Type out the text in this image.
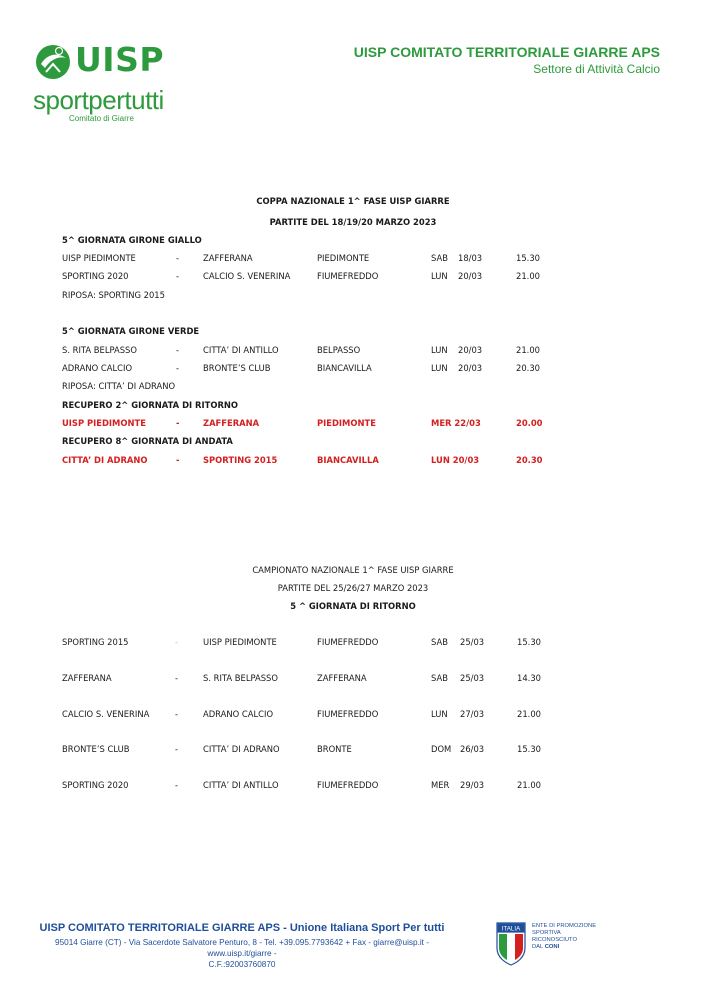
UISP
sportpertutti
Comitato di Giarre
UISP COMITATO TERRITORIALE GIARRE APS
Settore di Attività Calcio
COPPA NAZIONALE 1^ FASE UISP GIARRE
PARTITE DEL 18/19/20 MARZO 2023
5^ GIORNATA GIRONE GIALLO
UISP PIEDIMONTE	-	ZAFFERANA	PIEDIMONTE	SAB 18/03	15.30
SPORTING 2020	-	CALCIO S. VENERINA	FIUMEFREDDO	LUN 20/03	21.00
RIPOSA: SPORTING 2015
5^ GIORNATA GIRONE VERDE
S. RITA BELPASSO	-	CITTA’ DI ANTILLO	BELPASSO	LUN 20/03	21.00
ADRANO CALCIO	-	BRONTE’S CLUB	BIANCAVILLA	LUN 20/03	20.30
RIPOSA: CITTA’ DI ADRANO
RECUPERO 2^ GIORNATA DI RITORNO
UISP PIEDIMONTE	-	ZAFFERANA	PIEDIMONTE	MER 22/03	20.00
RECUPERO 8^ GIORNATA DI ANDATA
CITTA’ DI ADRANO	-	SPORTING 2015	BIANCAVILLA	LUN 20/03	20.30
CAMPIONATO NAZIONALE 1^ FASE UISP GIARRE
PARTITE DEL 25/26/27 MARZO 2023
5 ^ GIORNATA DI RITORNO
SPORTING 2015	-	UISP PIEDIMONTE	FIUMEFREDDO	SAB 25/03	15.30
ZAFFERANA	-	S. RITA BELPASSO	ZAFFERANA	SAB 25/03	14.30
CALCIO S. VENERINA	-	ADRANO CALCIO	FIUMEFREDDO	LUN 27/03	21.00
BRONTE’S CLUB	-	CITTA’ DI ADRANO	BRONTE	DOM 26/03	15.30
SPORTING 2020	-	CITTA’ DI ANTILLO	FIUMEFREDDO	MER 29/03	21.00
UISP COMITATO TERRITORIALE GIARRE APS - Unione Italiana Sport Per tutti
95014 Giarre (CT) - Via Sacerdote Salvatore Penturo, 8 - Tel. +39.095.7793642 + Fax - giarre@uisp.it - www.uisp.it/giarre -
C.F.:92003760870
ITALIA ENTE DI PROMOZIONE
SPORTIVA
RICONOSCIUTO
DAL CONI
